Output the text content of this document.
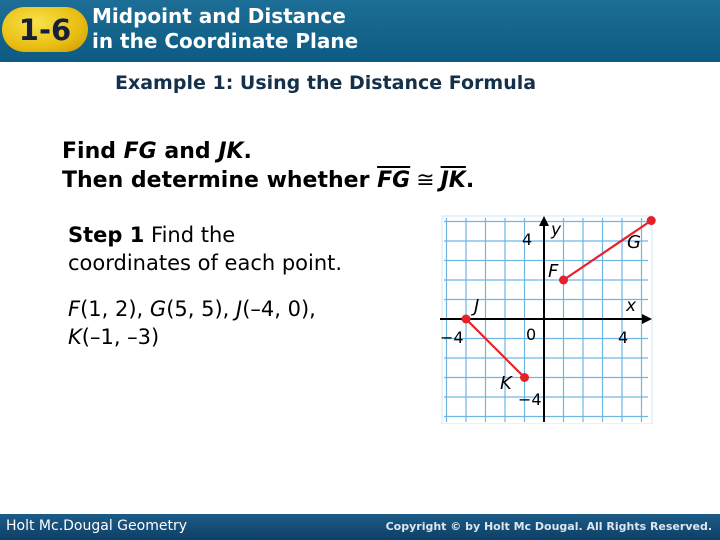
1-6	Midpoint and Distance
in the Coordinate Plane
Example 1: Using the Distance Formula
Find FG and JK.
Then determine whether $\overline{FG}$ ≅ $\overline{JK}$.
Step 1 Find the
coordinates of each point.
F(1, 2), G(5, 5), J(–4, 0),
K(–1, –3)
y
x
4
−4
−4	4
0
F
G
J
K
Holt Mc.Dougal Geometry	Copyright © by Holt Mc Dougal. All Rights Reserved.
